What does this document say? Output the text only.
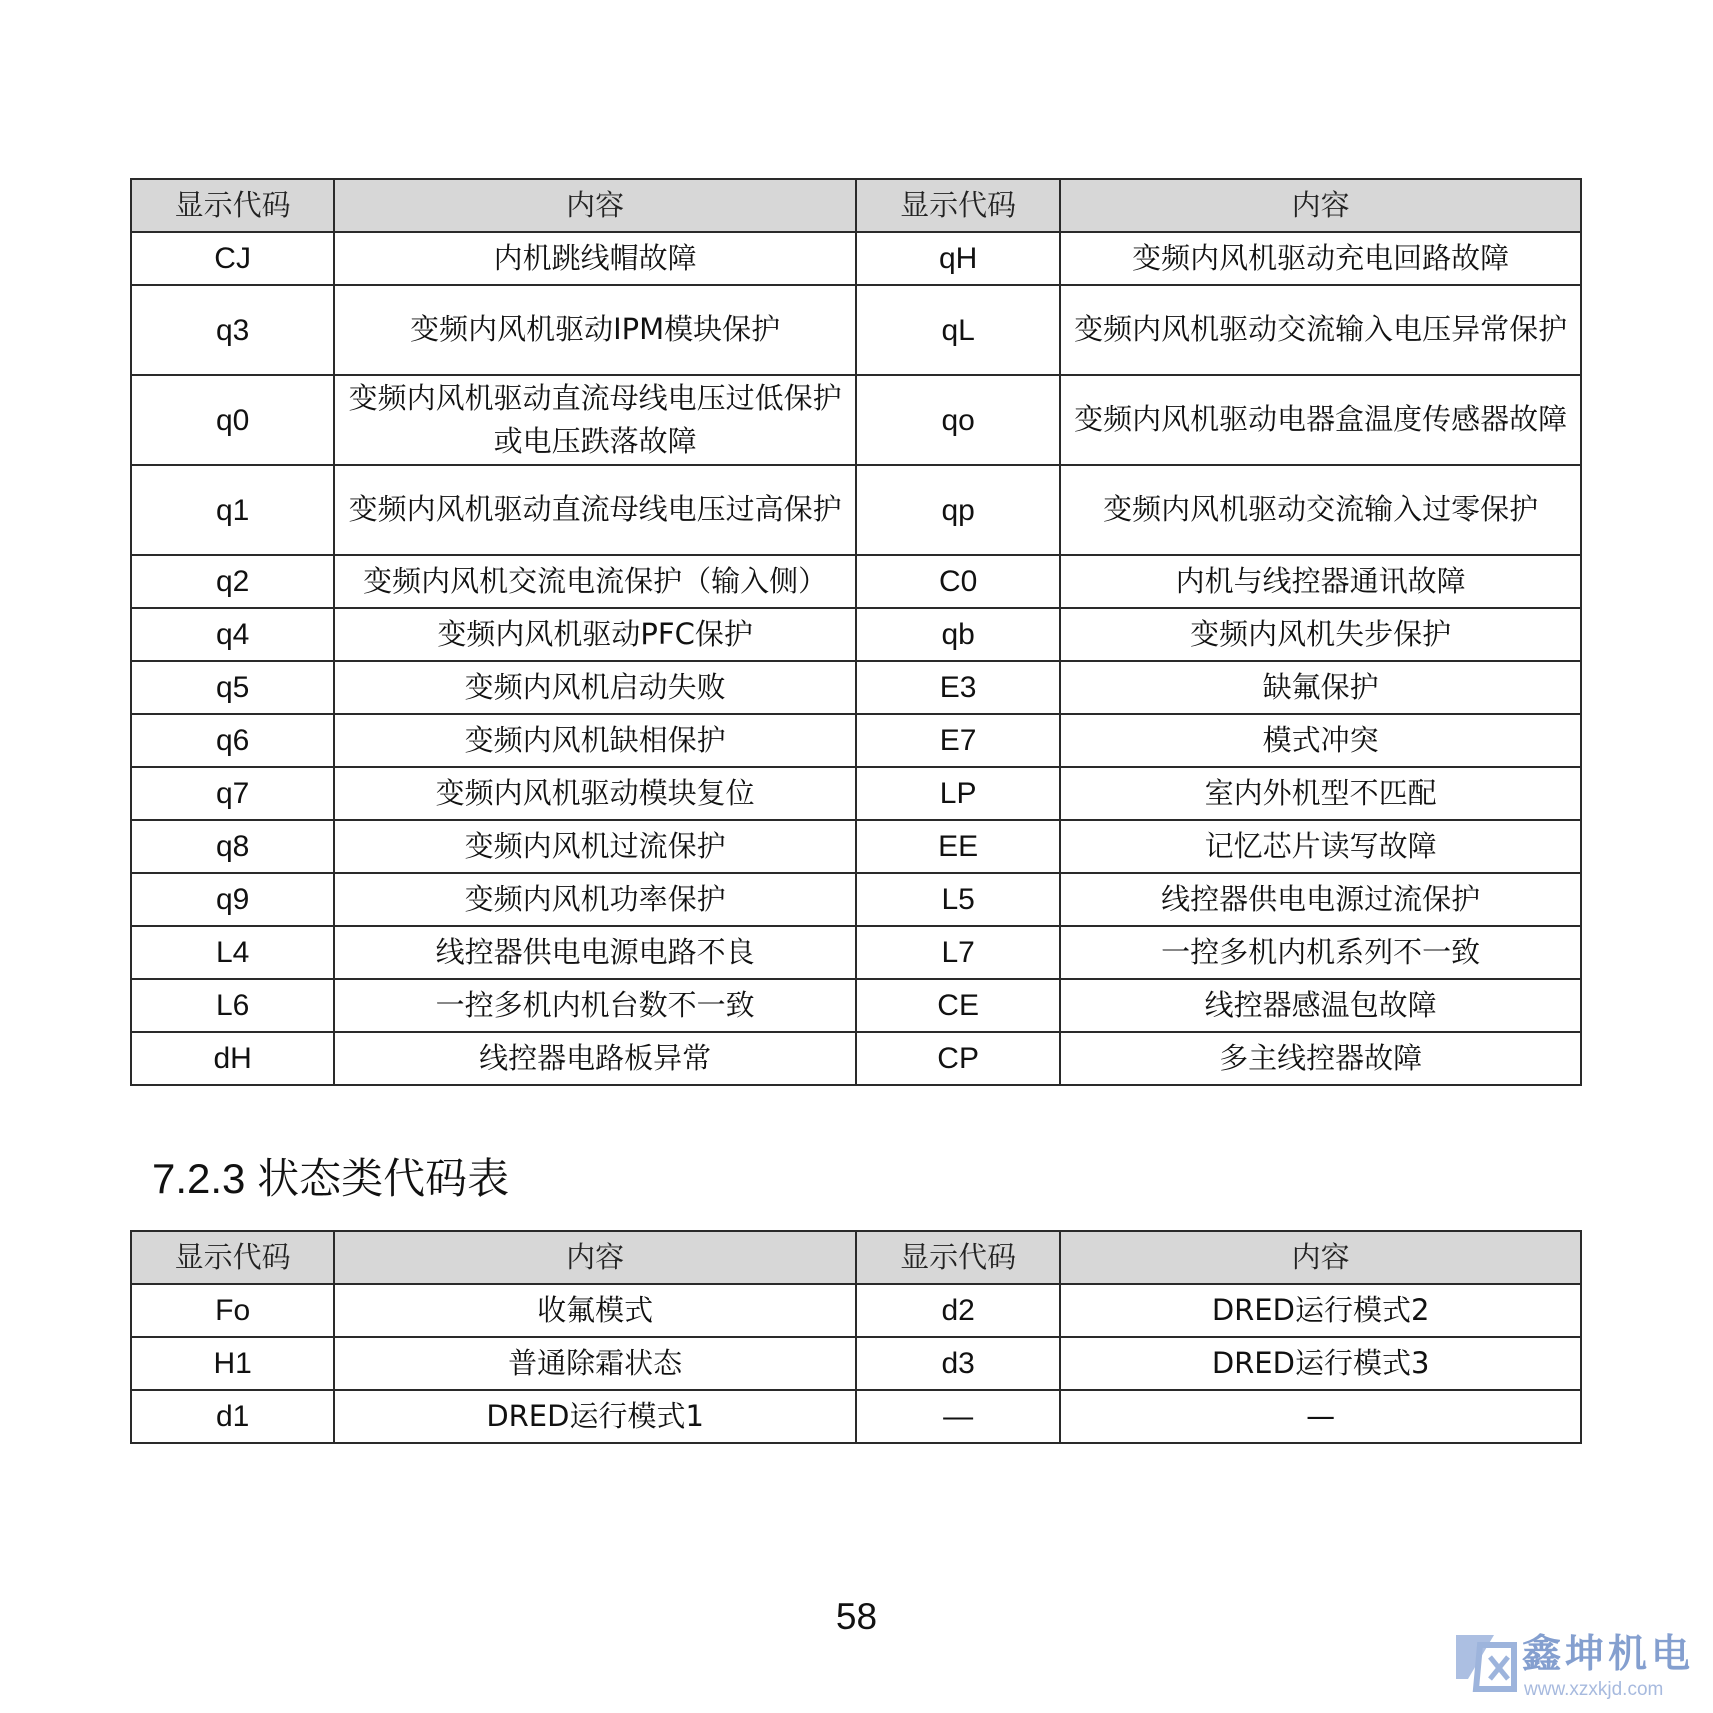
显示代码	内容	显示代码	内容
CJ	内机跳线帽故障	qH	变频内风机驱动充电回路故障
q3	变频内风机驱动IPM模块保护	qL	变频内风机驱动交流输入电压异常保护
q0	变频内风机驱动直流母线电压过低保护或电压跌落故障	qo	变频内风机驱动电器盒温度传感器故障
q1	变频内风机驱动直流母线电压过高保护	qp	变频内风机驱动交流输入过零保护
q2	变频内风机交流电流保护（输入侧）	C0	内机与线控器通讯故障
q4	变频内风机驱动PFC保护	qb	变频内风机失步保护
q5	变频内风机启动失败	E3	缺氟保护
q6	变频内风机缺相保护	E7	模式冲突
q7	变频内风机驱动模块复位	LP	室内外机型不匹配
q8	变频内风机过流保护	EE	记忆芯片读写故障
q9	变频内风机功率保护	L5	线控器供电电源过流保护
L4	线控器供电电源电路不良	L7	一控多机内机系列不一致
L6	一控多机内机台数不一致	CE	线控器感温包故障
dH	线控器电路板异常	CP	多主线控器故障
7.2.3 状态类代码表
显示代码	内容	显示代码	内容
Fo	收氟模式	d2	DRED运行模式2
H1	普通除霜状态	d3	DRED运行模式3
d1	DRED运行模式1	—	—
58
鑫坤机电
www.xzxkjd.com
